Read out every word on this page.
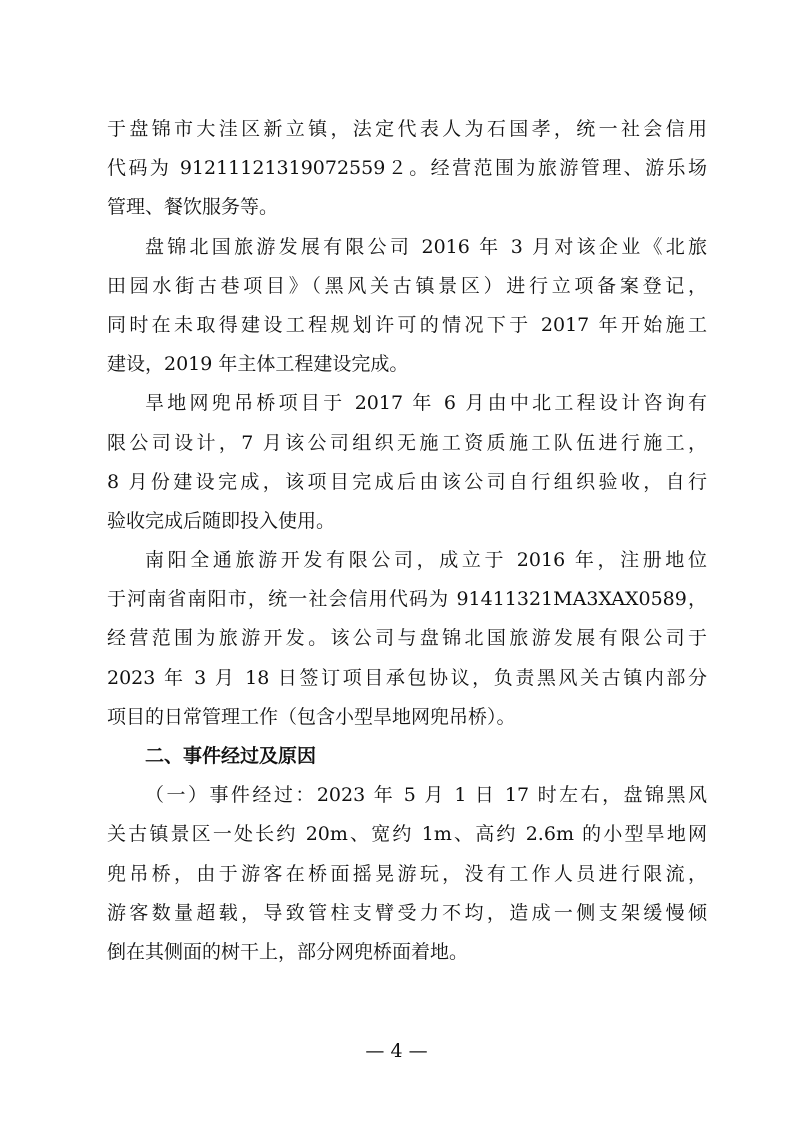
于盘锦市大洼区新立镇，法定代表人为石国孝，统一社会信用
代码为 91211121319072559２。经营范围为旅游管理、游乐场
管理、餐饮服务等。
盘锦北国旅游发展有限公司 2016 年 3 月对该企业《北旅
田园水街古巷项目》（黑风关古镇景区）进行立项备案登记，
同时在未取得建设工程规划许可的情况下于 2017 年开始施工
建设，2019 年主体工程建设完成。
旱地网兜吊桥项目于 2017 年 6 月由中北工程设计咨询有
限公司设计，7 月该公司组织无施工资质施工队伍进行施工，
8 月份建设完成，该项目完成后由该公司自行组织验收，自行
验收完成后随即投入使用。
南阳全通旅游开发有限公司，成立于 2016 年，注册地位
于河南省南阳市，统一社会信用代码为 91411321MA3XAX0589，
经营范围为旅游开发。该公司与盘锦北国旅游发展有限公司于
2023 年 3 月 18 日签订项目承包协议，负责黑风关古镇内部分
项目的日常管理工作（包含小型旱地网兜吊桥）。
二、事件经过及原因
（一）事件经过：2023 年 5 月 1 日 17 时左右，盘锦黑风
关古镇景区一处长约 20m、宽约 1m、高约 2.6m 的小型旱地网
兜吊桥，由于游客在桥面摇晃游玩，没有工作人员进行限流，
游客数量超载，导致管柱支臂受力不均，造成一侧支架缓慢倾
倒在其侧面的树干上，部分网兜桥面着地。
— 4 —
